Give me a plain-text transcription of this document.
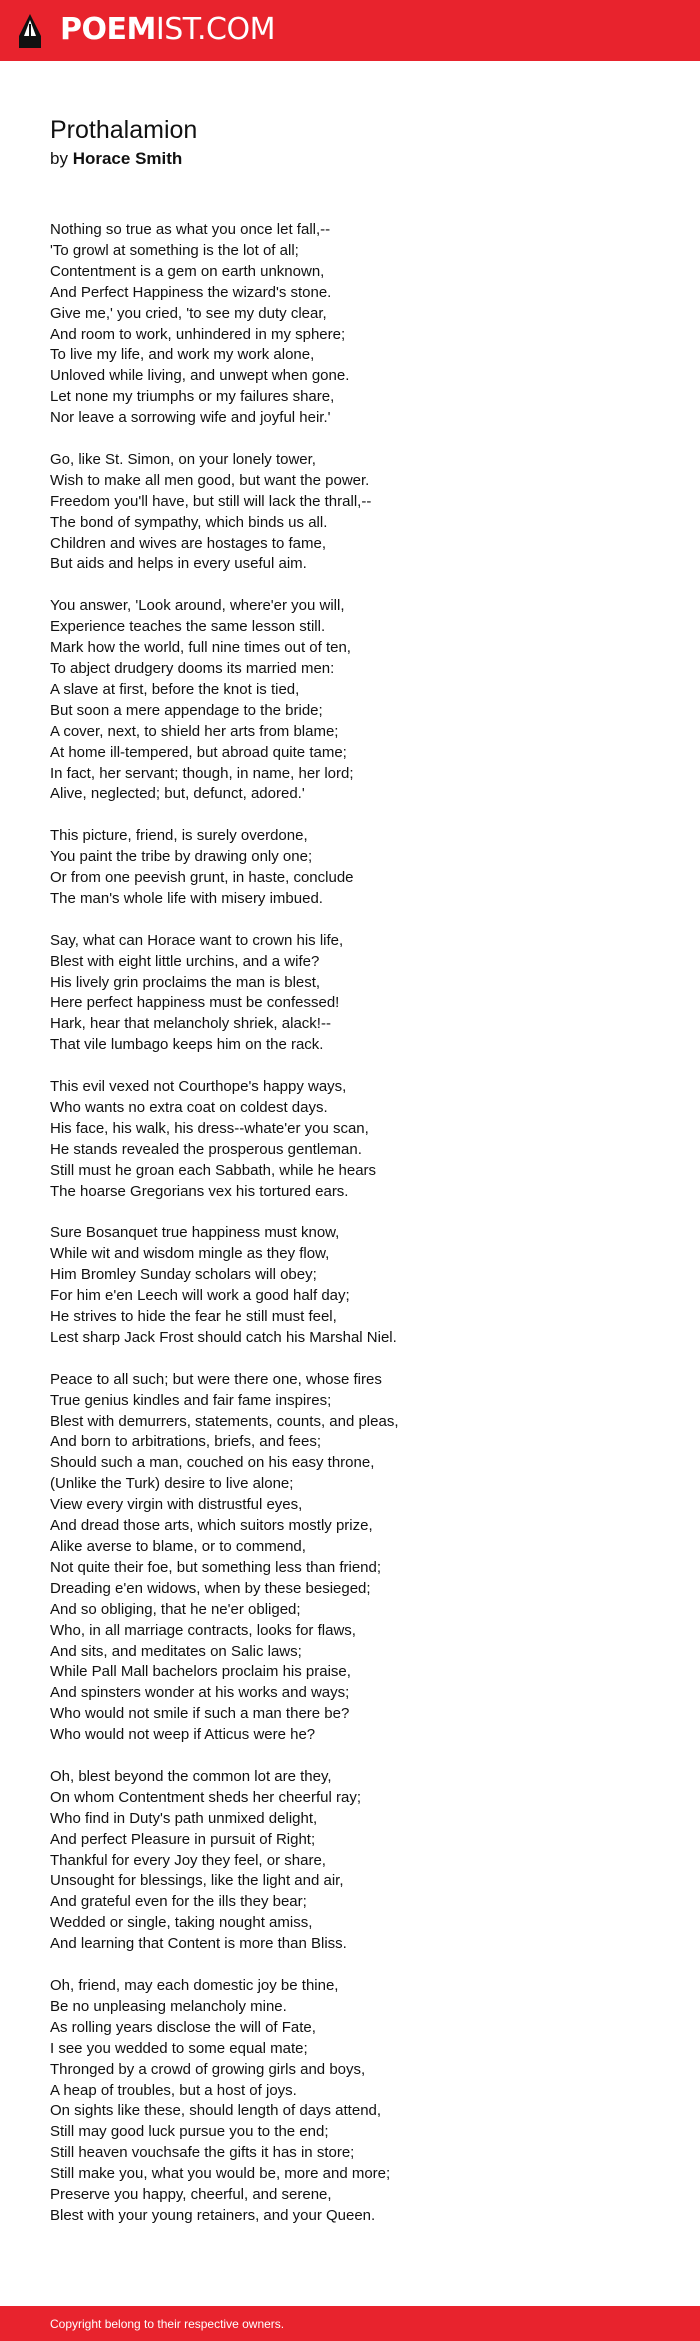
POEMIST.COM
Prothalamion
by Horace Smith

Nothing so true as what you once let fall,--
'To growl at something is the lot of all;
Contentment is a gem on earth unknown,
And Perfect Happiness the wizard's stone.
Give me,' you cried, 'to see my duty clear,
And room to work, unhindered in my sphere;
To live my life, and work my work alone,
Unloved while living, and unwept when gone.
Let none my triumphs or my failures share,
Nor leave a sorrowing wife and joyful heir.'

Go, like St. Simon, on your lonely tower,
Wish to make all men good, but want the power.
Freedom you'll have, but still will lack the thrall,--
The bond of sympathy, which binds us all.
Children and wives are hostages to fame,
But aids and helps in every useful aim.

You answer, 'Look around, where'er you will,
Experience teaches the same lesson still.
Mark how the world, full nine times out of ten,
To abject drudgery dooms its married men:
A slave at first, before the knot is tied,
But soon a mere appendage to the bride;
A cover, next, to shield her arts from blame;
At home ill-tempered, but abroad quite tame;
In fact, her servant; though, in name, her lord;
Alive, neglected; but, defunct, adored.'

This picture, friend, is surely overdone,
You paint the tribe by drawing only one;
Or from one peevish grunt, in haste, conclude
The man's whole life with misery imbued.

Say, what can Horace want to crown his life,
Blest with eight little urchins, and a wife?
His lively grin proclaims the man is blest,
Here perfect happiness must be confessed!
Hark, hear that melancholy shriek, alack!--
That vile lumbago keeps him on the rack.

This evil vexed not Courthope's happy ways,
Who wants no extra coat on coldest days.
His face, his walk, his dress--whate'er you scan,
He stands revealed the prosperous gentleman.
Still must he groan each Sabbath, while he hears
The hoarse Gregorians vex his tortured ears.

Sure Bosanquet true happiness must know,
While wit and wisdom mingle as they flow,
Him Bromley Sunday scholars will obey;
For him e'en Leech will work a good half day;
He strives to hide the fear he still must feel,
Lest sharp Jack Frost should catch his Marshal Niel.

Peace to all such; but were there one, whose fires
True genius kindles and fair fame inspires;
Blest with demurrers, statements, counts, and pleas,
And born to arbitrations, briefs, and fees;
Should such a man, couched on his easy throne,
(Unlike the Turk) desire to live alone;
View every virgin with distrustful eyes,
And dread those arts, which suitors mostly prize,
Alike averse to blame, or to commend,
Not quite their foe, but something less than friend;
Dreading e'en widows, when by these besieged;
And so obliging, that he ne'er obliged;
Who, in all marriage contracts, looks for flaws,
And sits, and meditates on Salic laws;
While Pall Mall bachelors proclaim his praise,
And spinsters wonder at his works and ways;
Who would not smile if such a man there be?
Who would not weep if Atticus were he?

Oh, blest beyond the common lot are they,
On whom Contentment sheds her cheerful ray;
Who find in Duty's path unmixed delight,
And perfect Pleasure in pursuit of Right;
Thankful for every Joy they feel, or share,
Unsought for blessings, like the light and air,
And grateful even for the ills they bear;
Wedded or single, taking nought amiss,
And learning that Content is more than Bliss.

Oh, friend, may each domestic joy be thine,
Be no unpleasing melancholy mine.
As rolling years disclose the will of Fate,
I see you wedded to some equal mate;
Thronged by a crowd of growing girls and boys,
A heap of troubles, but a host of joys.
On sights like these, should length of days attend,
Still may good luck pursue you to the end;
Still heaven vouchsafe the gifts it has in store;
Still make you, what you would be, more and more;
Preserve you happy, cheerful, and serene,
Blest with your young retainers, and your Queen.

Copyright belong to their respective owners.
